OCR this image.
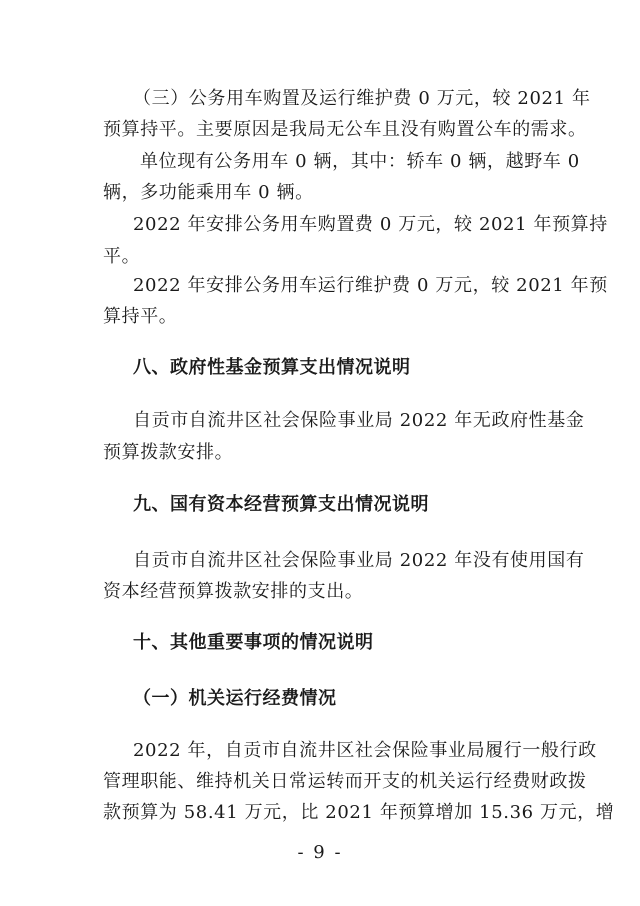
（三）公务用车购置及运行维护费 0 万元，较 2021 年
预算持平。主要原因是我局无公车且没有购置公车的需求。
单位现有公务用车 0 辆，其中：轿车 0 辆，越野车 0
辆，多功能乘用车 0 辆。
2022 年安排公务用车购置费 0 万元，较 2021 年预算持
平。
2022 年安排公务用车运行维护费 0 万元，较 2021 年预
算持平。
八、政府性基金预算支出情况说明
自贡市自流井区社会保险事业局 2022 年无政府性基金
预算拨款安排。
九、国有资本经营预算支出情况说明
自贡市自流井区社会保险事业局 2022 年没有使用国有
资本经营预算拨款安排的支出。
十、其他重要事项的情况说明
（一）机关运行经费情况
2022 年，自贡市自流井区社会保险事业局履行一般行政
管理职能、维持机关日常运转而开支的机关运行经费财政拨
款预算为 58.41 万元，比 2021 年预算增加 15.36 万元，增
- 9 -
